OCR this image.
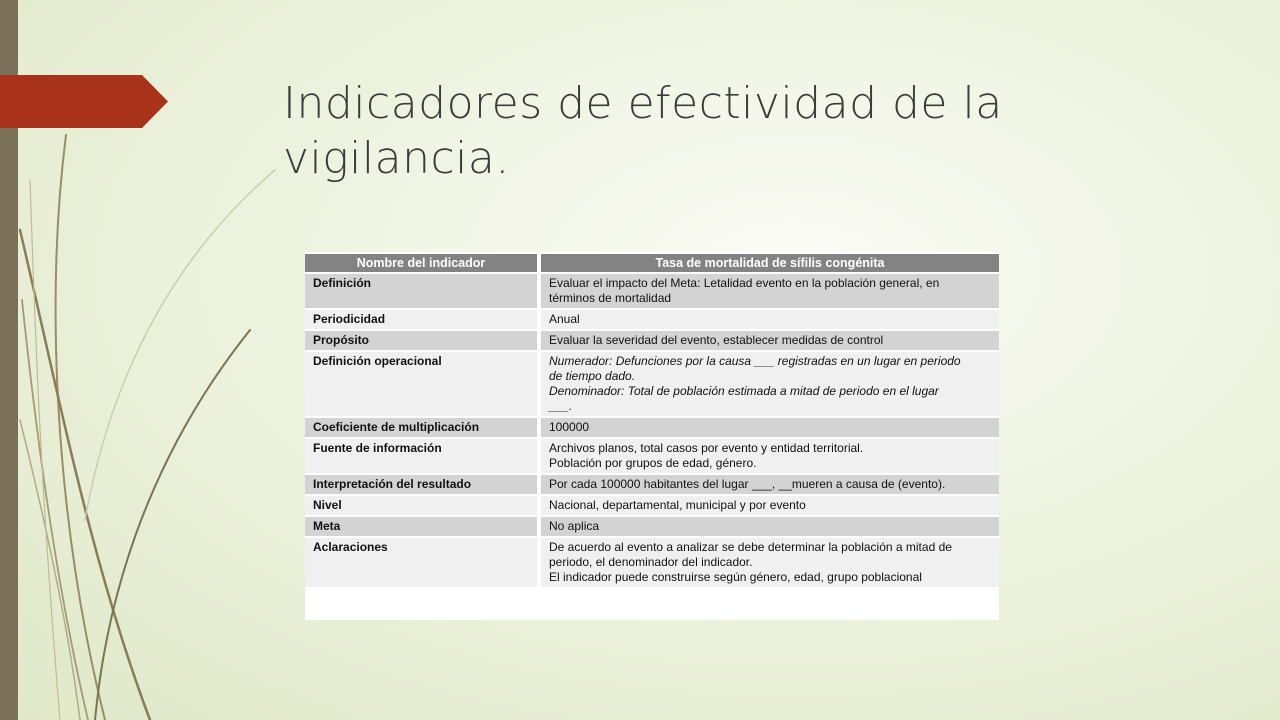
Indicadores de efectividad de la vigilancia.
Nombre del indicador	Tasa de mortalidad de sífilis congénita
Definición	Evaluar el impacto del Meta: Letalidad evento en la población general, en
términos de mortalidad

Periodicidad	Anual

Propósito	Evaluar la severidad del evento, establecer medidas de control

Definición operacional	Numerador: Defunciones por la causa ___ registradas en un lugar en periodo
de tiempo dado.
Denominador: Total de población estimada a mitad de periodo en el lugar
___.

Coeficiente de multiplicación	100000

Fuente de información	Archivos planos, total casos por evento y entidad territorial.
Población por grupos de edad, género.

Interpretación del resultado	Por cada 100000 habitantes del lugar ___, __mueren a causa de (evento).

Nivel	Nacional, departamental, municipal y por evento

Meta	No aplica

Aclaraciones	De acuerdo al evento a analizar se debe determinar la población a mitad de
periodo, el denominador del indicador.
El indicador puede construirse según género, edad, grupo poblacional
